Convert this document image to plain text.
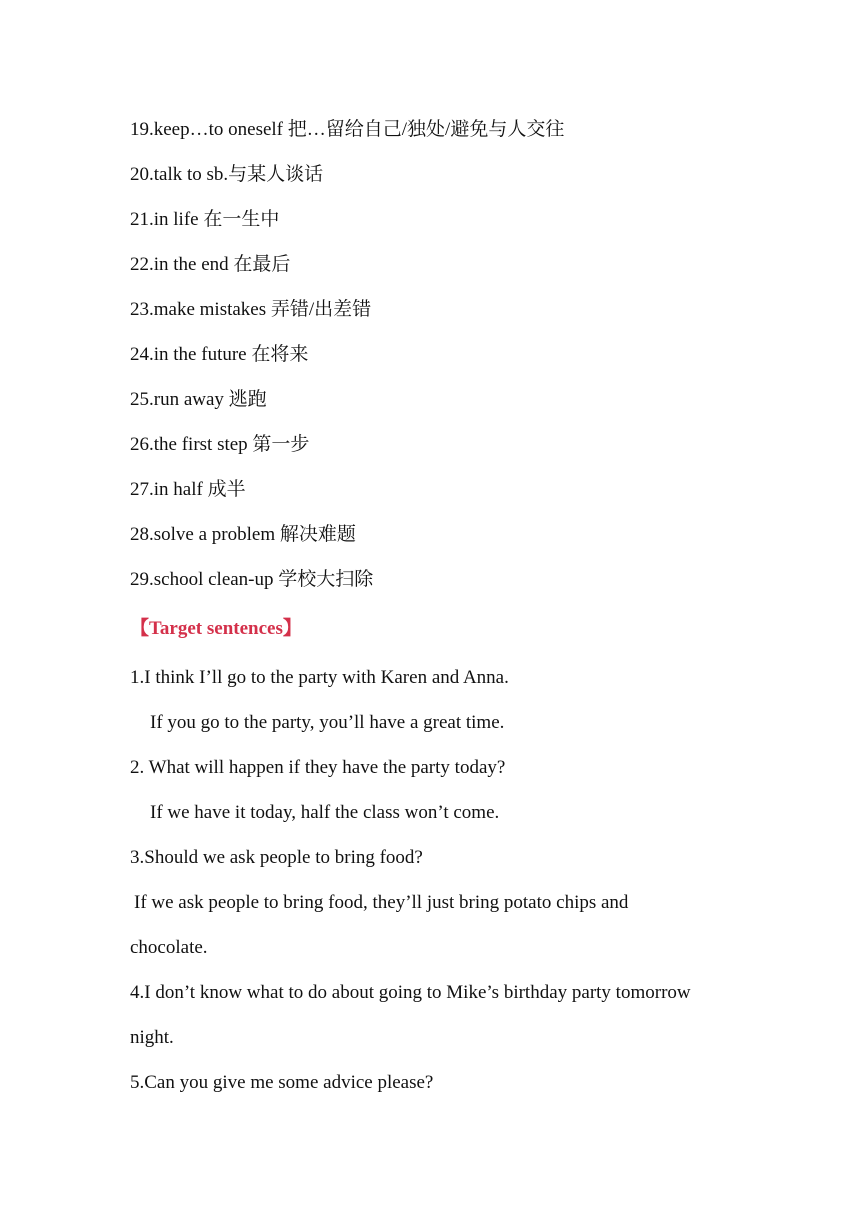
19.keep…to oneself 把…留给自己/独处/避免与人交往
20.talk to sb.与某人谈话
21.in life 在一生中
22.in the end 在最后
23.make mistakes 弄错/出差错
24.in the future 在将来
25.run away 逃跑
26.the first step 第一步
27.in half 成半
28.solve a problem 解决难题
29.school clean-up 学校大扫除
【Target sentences】
1.I think I’ll go to the party with Karen and Anna.
If you go to the party, you’ll have a great time.
2. What will happen if they have the party today?
If we have it today, half the class won’t come.
3.Should we ask people to bring food?
If we ask people to bring food, they’ll just bring potato chips and
chocolate.
4.I don’t know what to do about going to Mike’s birthday party tomorrow
night.
5.Can you give me some advice please?
